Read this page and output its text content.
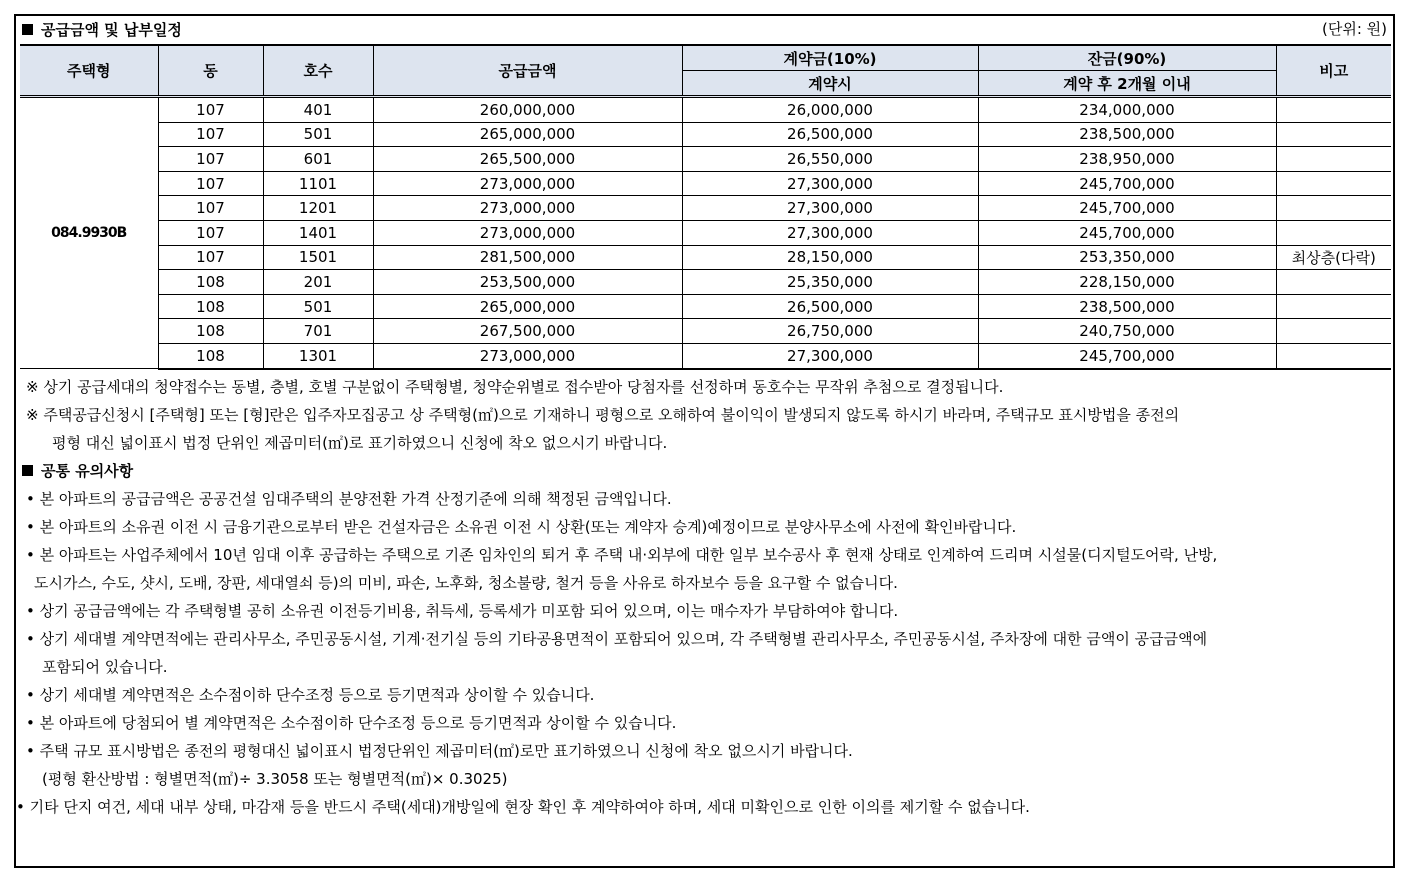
공급금액 및 납부일정	(단위: 원)
주택형	동	호수	공급금액	계약금(10%)	잔금(90%)	비고
				계약시	계약 후 2개월 이내	
084.9930B	107	401	260,000,000	26,000,000	234,000,000	
	107	501	265,000,000	26,500,000	238,500,000	
	107	601	265,500,000	26,550,000	238,950,000	
	107	1101	273,000,000	27,300,000	245,700,000	
	107	1201	273,000,000	27,300,000	245,700,000	
	107	1401	273,000,000	27,300,000	245,700,000	
	107	1501	281,500,000	28,150,000	253,350,000	최상층(다락)
	108	201	253,500,000	25,350,000	228,150,000	
	108	501	265,000,000	26,500,000	238,500,000	
	108	701	267,500,000	26,750,000	240,750,000	
	108	1301	273,000,000	27,300,000	245,700,000	
※ 상기 공급세대의 청약접수는 동별, 층별, 호별 구분없이 주택형별, 청약순위별로 접수받아 당첨자를 선정하며 동호수는 무작위 추첨으로 결정됩니다.
※ 주택공급신청시 [주택형] 또는 [형]란은 입주자모집공고 상 주택형(㎡)으로 기재하니 평형으로 오해하여 불이익이 발생되지 않도록 하시기 바라며, 주택규모 표시방법을 종전의
평형 대신 넓이표시 법정 단위인 제곱미터(㎡)로 표기하였으니 신청에 착오 없으시기 바랍니다.
공통 유의사항
• 본 아파트의 공급금액은 공공건설 임대주택의 분양전환 가격 산정기준에 의해 책정된 금액입니다.
• 본 아파트의 소유권 이전 시 금융기관으로부터 받은 건설자금은 소유권 이전 시 상환(또는 계약자 승계)예정이므로 분양사무소에 사전에 확인바랍니다.
• 본 아파트는 사업주체에서 10년 임대 이후 공급하는 주택으로 기존 임차인의 퇴거 후 주택 내·외부에 대한 일부 보수공사 후 현재 상태로 인계하여 드리며 시설물(디지털도어락, 난방,
도시가스, 수도, 샷시, 도배, 장판, 세대열쇠 등)의 미비, 파손, 노후화, 청소불량, 철거 등을 사유로 하자보수 등을 요구할 수 없습니다.
• 상기 공급금액에는 각 주택형별 공히 소유권 이전등기비용, 취득세, 등록세가 미포함 되어 있으며, 이는 매수자가 부담하여야 합니다.
• 상기 세대별 계약면적에는 관리사무소, 주민공동시설, 기계·전기실 등의 기타공용면적이 포함되어 있으며, 각 주택형별 관리사무소, 주민공동시설, 주차장에 대한 금액이 공급금액에
포함되어 있습니다.
• 상기 세대별 계약면적은 소수점이하 단수조정 등으로 등기면적과 상이할 수 있습니다.
• 본 아파트에 당첨되어 별 계약면적은 소수점이하 단수조정 등으로 등기면적과 상이할 수 있습니다.
• 주택 규모 표시방법은 종전의 평형대신 넓이표시 법정단위인 제곱미터(㎡)로만 표기하였으니 신청에 착오 없으시기 바랍니다.
(평형 환산방법 : 형별면적(㎡)÷ 3.3058 또는 형별면적(㎡)× 0.3025)
• 기타 단지 여건, 세대 내부 상태, 마감재 등을 반드시 주택(세대)개방일에 현장 확인 후 계약하여야 하며, 세대 미확인으로 인한 이의를 제기할 수 없습니다.
